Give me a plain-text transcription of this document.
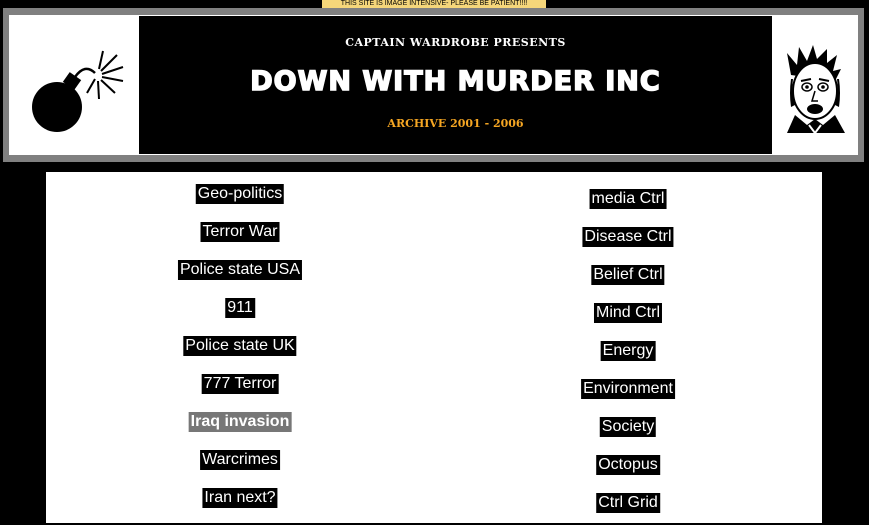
THIS SITE IS IMAGE INTENSIVE- PLEASE BE PATIENT!!!!
CAPTAIN WARDROBE PRESENTS
DOWN WITH MURDER INC
ARCHIVE 2001 - 2006
Geo-politics
Terror War
Police state USA
911
Police state UK
777 Terror
Iraq invasion
Warcrimes
Iran next?
media Ctrl
Disease Ctrl
Belief Ctrl
Mind Ctrl
Energy
Environment
Society
Octopus
Ctrl Grid
